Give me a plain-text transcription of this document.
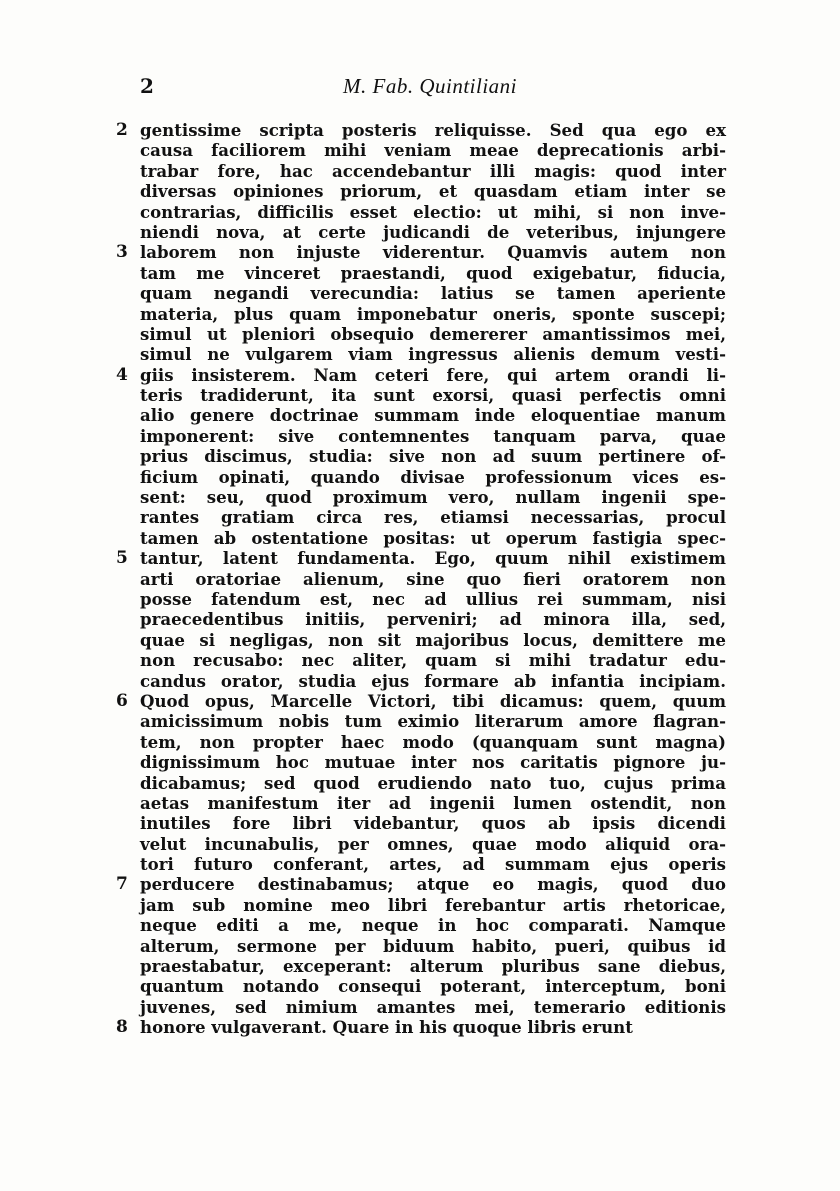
2	M. Fab. Quintiliani
2 gentissime scripta posteris reliquisse. Sed qua ego ex
causa faciliorem mihi veniam meae deprecationis arbi-
trabar fore, hac accendebantur illi magis: quod inter
diversas opiniones priorum, et quasdam etiam inter se
contrarias, difficilis esset electio: ut mihi, si non inve-
niendi nova, at certe judicandi de veteribus, injungere
3 laborem non injuste viderentur. Quamvis autem non
tam me vinceret praestandi, quod exigebatur, fiducia,
quam negandi verecundia: latius se tamen aperiente
materia, plus quam imponebatur oneris, sponte suscepi;
simul ut pleniori obsequio demererer amantissimos mei,
simul ne vulgarem viam ingressus alienis demum vesti-
4 giis insisterem. Nam ceteri fere, qui artem orandi li-
teris tradiderunt, ita sunt exorsi, quasi perfectis omni
alio genere doctrinae summam inde eloquentiae manum
imponerent: sive contemnentes tanquam parva, quae
prius discimus, studia: sive non ad suum pertinere of-
ficium opinati, quando divisae professionum vices es-
sent: seu, quod proximum vero, nullam ingenii spe-
rantes gratiam circa res, etiamsi necessarias, procul
tamen ab ostentatione positas: ut operum fastigia spec-
5 tantur, latent fundamenta. Ego, quum nihil existimem
arti oratoriae alienum, sine quo fieri oratorem non
posse fatendum est, nec ad ullius rei summam, nisi
praecedentibus initiis, perveniri; ad minora illa, sed,
quae si negligas, non sit majoribus locus, demittere me
non recusabo: nec aliter, quam si mihi tradatur edu-
candus orator, studia ejus formare ab infantia incipiam.
6 Quod opus, Marcelle Victori, tibi dicamus: quem, quum
amicissimum nobis tum eximio literarum amore flagran-
tem, non propter haec modo (quanquam sunt magna)
dignissimum hoc mutuae inter nos caritatis pignore ju-
dicabamus; sed quod erudiendo nato tuo, cujus prima
aetas manifestum iter ad ingenii lumen ostendit, non
inutiles fore libri videbantur, quos ab ipsis dicendi
velut incunabulis, per omnes, quae modo aliquid ora-
tori futuro conferant, artes, ad summam ejus operis
7 perducere destinabamus; atque eo magis, quod duo
jam sub nomine meo libri ferebantur artis rhetoricae,
neque editi a me, neque in hoc comparati. Namque
alterum, sermone per biduum habito, pueri, quibus id
praestabatur, exceperant: alterum pluribus sane diebus,
quantum notando consequi poterant, interceptum, boni
juvenes, sed nimium amantes mei, temerario editionis
8 honore vulgaverant. Quare in his quoque libris erunt
